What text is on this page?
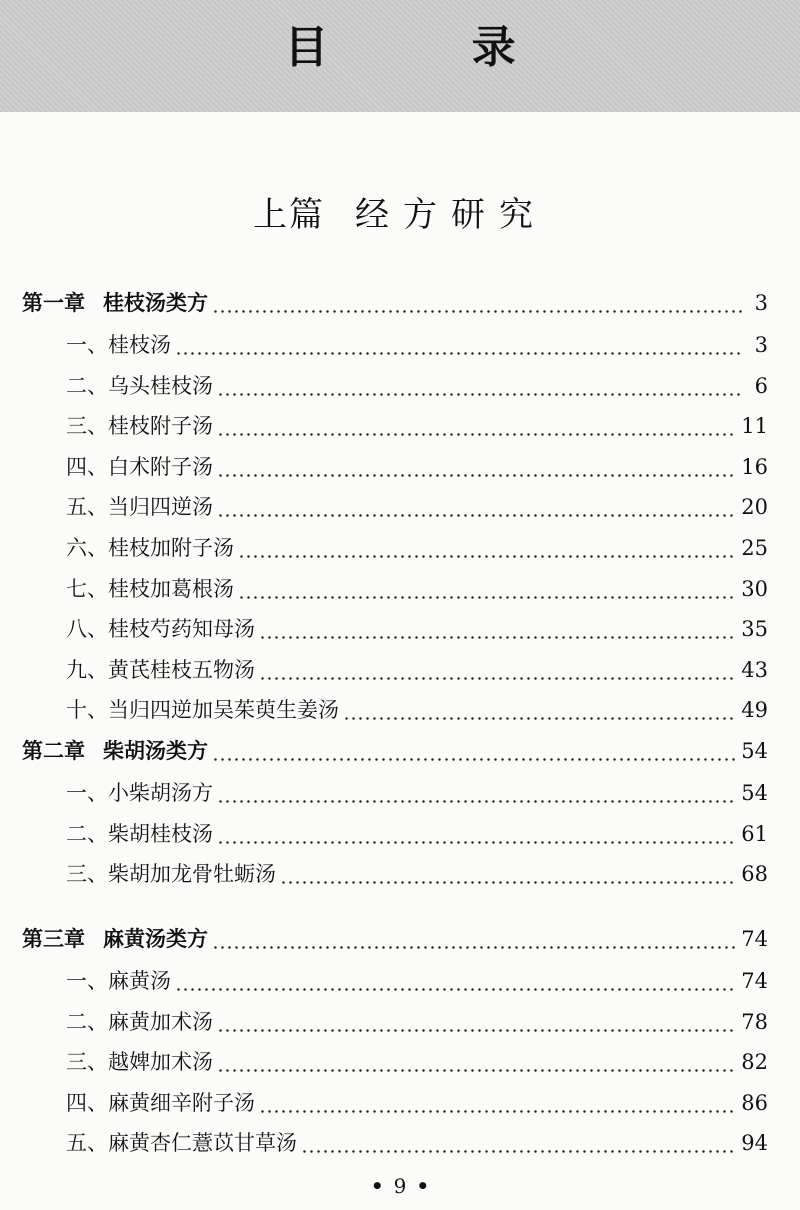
目 录
上篇 经方研究
第一章 桂枝汤类方	3
一、桂枝汤	3
二、乌头桂枝汤	6
三、桂枝附子汤	11
四、白术附子汤	16
五、当归四逆汤	20
六、桂枝加附子汤	25
七、桂枝加葛根汤	30
八、桂枝芍药知母汤	35
九、黄芪桂枝五物汤	43
十、当归四逆加吴茱萸生姜汤	49
第二章 柴胡汤类方	54
一、小柴胡汤方	54
二、柴胡桂枝汤	61
三、柴胡加龙骨牡蛎汤	68
第三章 麻黄汤类方	74
一、麻黄汤	74
二、麻黄加术汤	78
三、越婢加术汤	82
四、麻黄细辛附子汤	86
五、麻黄杏仁薏苡甘草汤	94
• 9 •
